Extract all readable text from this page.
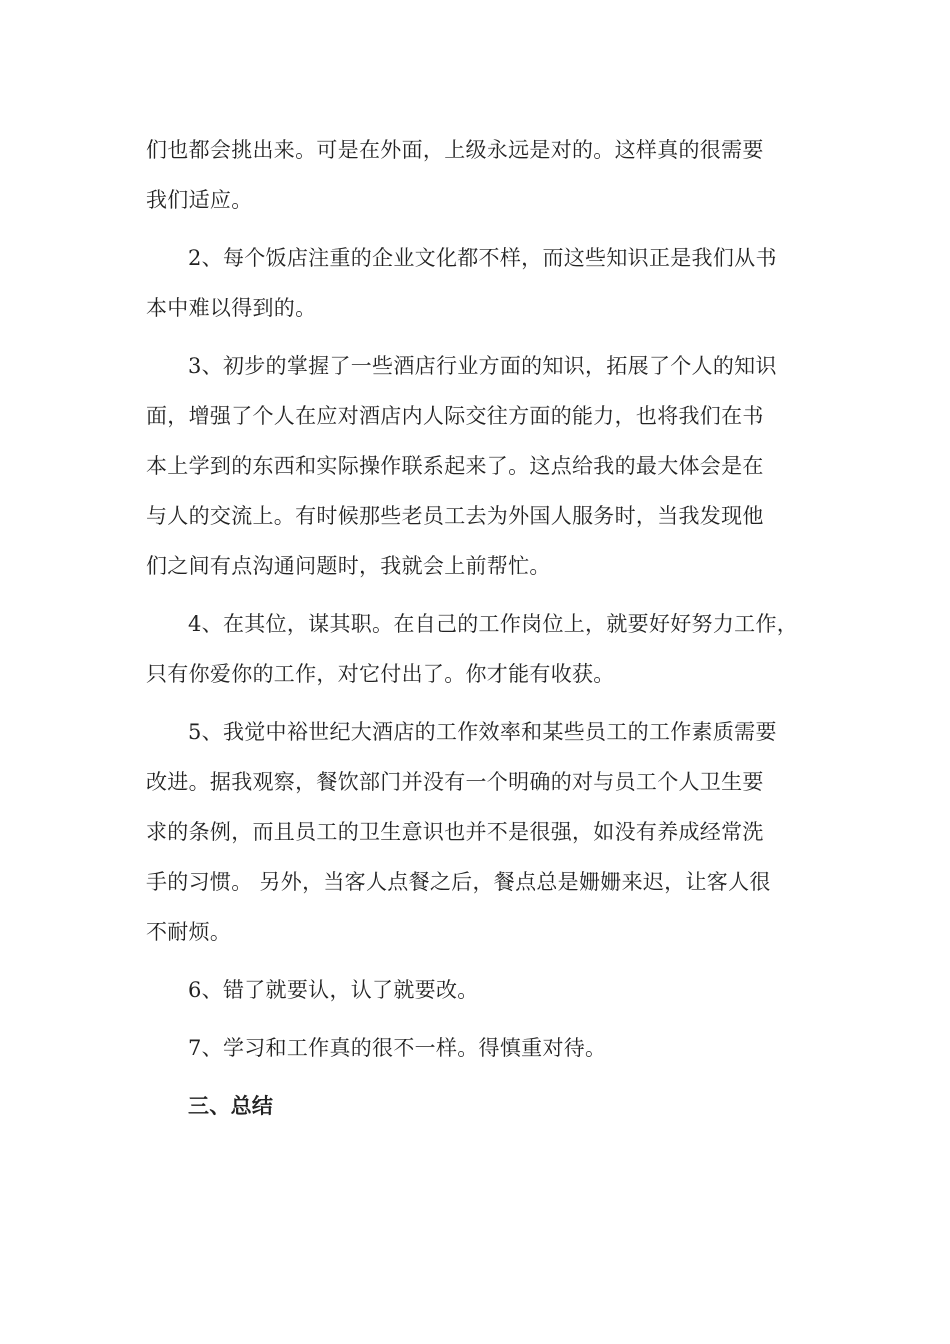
们也都会挑出来。可是在外面，上级永远是对的。这样真的很需要
我们适应。
2、每个饭店注重的企业文化都不样，而这些知识正是我们从书
本中难以得到的。
3、初步的掌握了一些酒店行业方面的知识，拓展了个人的知识
面，增强了个人在应对酒店内人际交往方面的能力，也将我们在书
本上学到的东西和实际操作联系起来了。这点给我的最大体会是在
与人的交流上。有时候那些老员工去为外国人服务时，当我发现他
们之间有点沟通问题时，我就会上前帮忙。
4、在其位，谋其职。在自己的工作岗位上，就要好好努力工作，
只有你爱你的工作，对它付出了。你才能有收获。
5、我觉中裕世纪大酒店的工作效率和某些员工的工作素质需要
改进。据我观察，餐饮部门并没有一个明确的对与员工个人卫生要
求的条例，而且员工的卫生意识也并不是很强，如没有养成经常洗
手的习惯。 另外，当客人点餐之后，餐点总是姗姗来迟，让客人很
不耐烦。
6、错了就要认，认了就要改。
7、学习和工作真的很不一样。得慎重对待。
三、总结
